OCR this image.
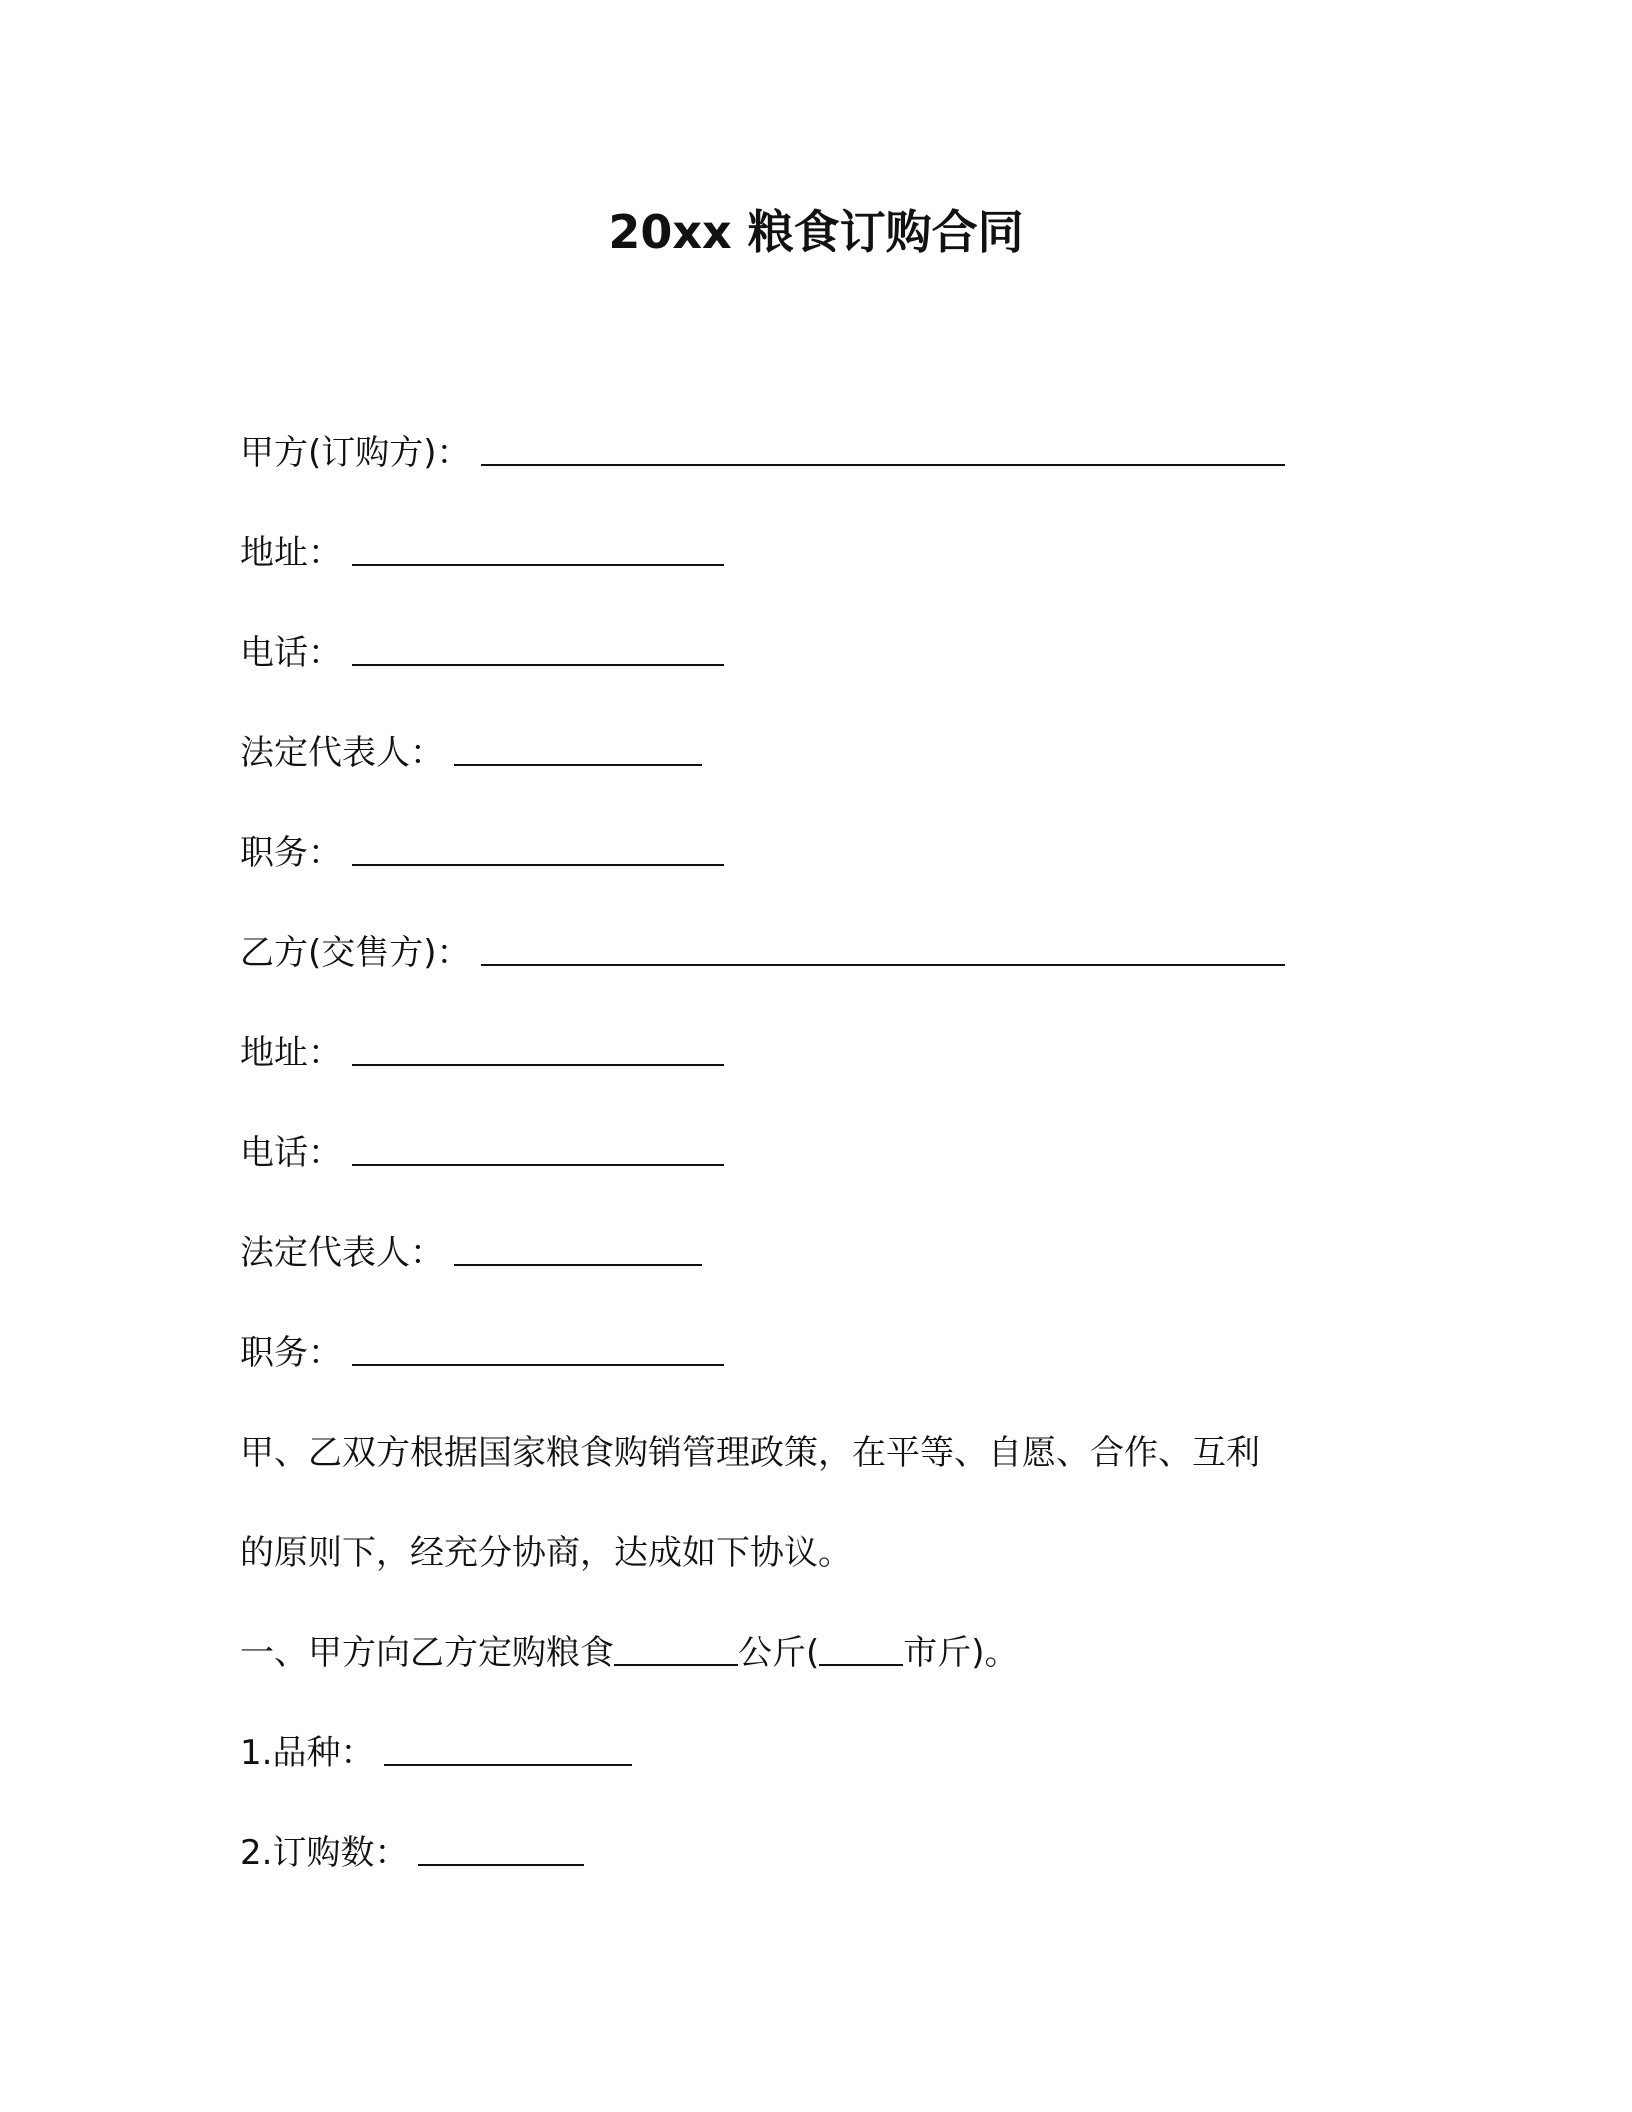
20xx 粮食订购合同
甲方(订购方)：
地址：
电话：
法定代表人：
职务：
乙方(交售方)：
地址：
电话：
法定代表人：
职务：
甲、乙双方根据国家粮食购销管理政策，在平等、自愿、合作、互利
的原则下，经充分协商，达成如下协议。
一、甲方向乙方定购粮食	公斤( 市斤)。
1.品种：
2.订购数：
